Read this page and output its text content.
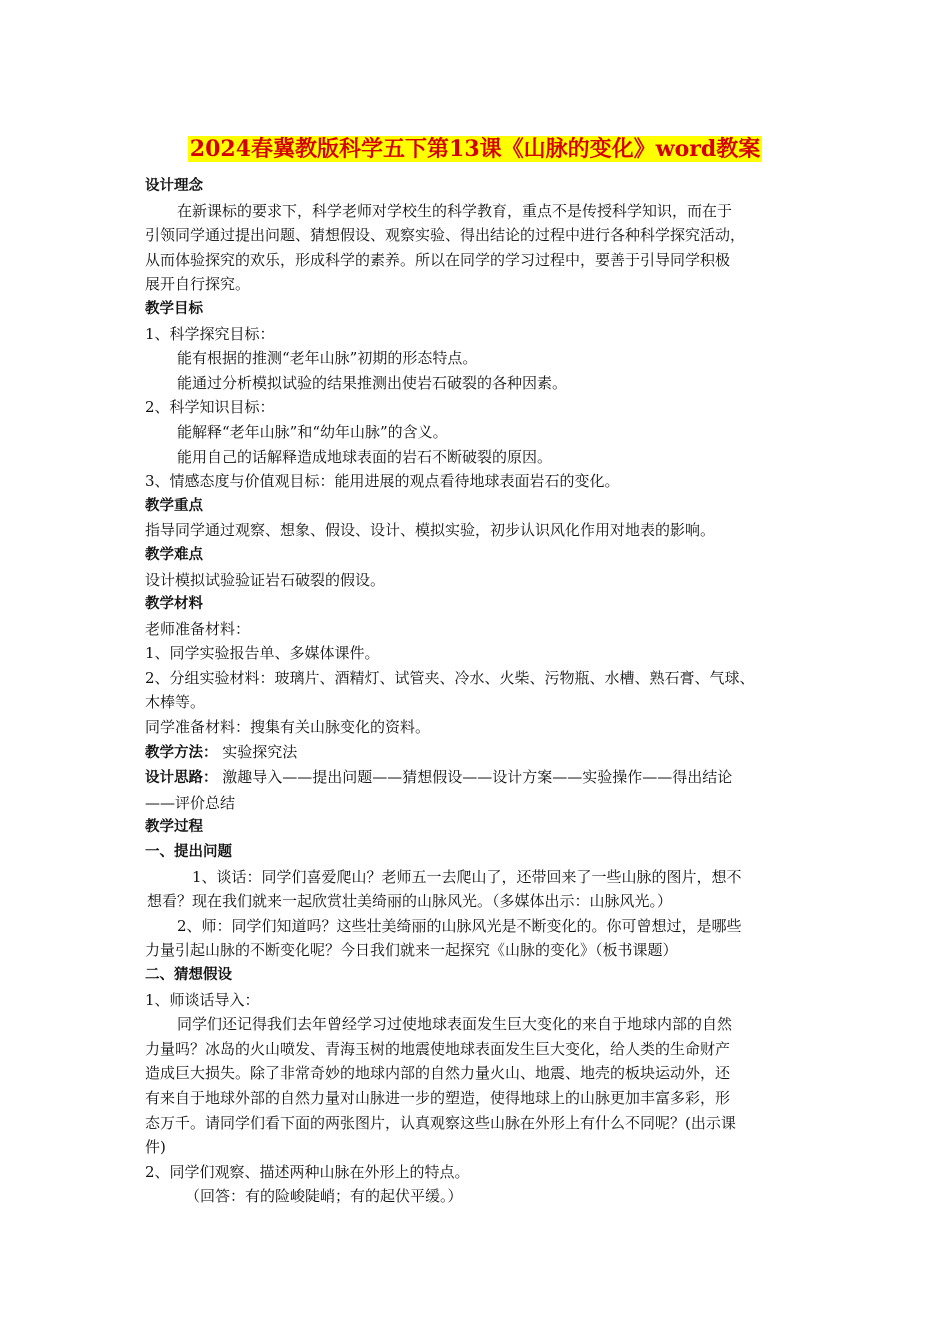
2024春冀教版科学五下第13课《山脉的变化》word教案

设计理念

在新课标的要求下，科学老师对学校生的科学教育，重点不是传授科学知识，而在于

引领同学通过提出问题、猜想假设、观察实验、得出结论的过程中进行各种科学探究活动，

从而体验探究的欢乐，形成科学的素养。所以在同学的学习过程中，要善于引导同学积极

展开自行探究。

教学目标

1、科学探究目标：

能有根据的推测“老年山脉”初期的形态特点。

能通过分析模拟试验的结果推测出使岩石破裂的各种因素。

2、科学知识目标：

能解释“老年山脉”和“幼年山脉”的含义。

能用自己的话解释造成地球表面的岩石不断破裂的原因。

3、情感态度与价值观目标：能用进展的观点看待地球表面岩石的变化。

教学重点

指导同学通过观察、想象、假设、设计、模拟实验，初步认识风化作用对地表的影响。

教学难点

设计模拟试验验证岩石破裂的假设。

教学材料

老师准备材料：

1、同学实验报告单、多媒体课件。

2、分组实验材料：玻璃片、酒精灯、试管夹、冷水、火柴、污物瓶、水槽、熟石膏、气球、

木棒等。

同学准备材料：搜集有关山脉变化的资料。

教学方法： 实验探究法

设计思路： 激趣导入——提出问题——猜想假设——设计方案——实验操作——得出结论

——评价总结

教学过程

一、提出问题

1、谈话：同学们喜爱爬山？老师五一去爬山了，还带回来了一些山脉的图片，想不

想看？现在我们就来一起欣赏壮美绮丽的山脉风光。（多媒体出示：山脉风光。）

2、师：同学们知道吗？这些壮美绮丽的山脉风光是不断变化的。你可曾想过，是哪些

力量引起山脉的不断变化呢？今日我们就来一起探究《山脉的变化》（板书课题）

二、猜想假设

1、师谈话导入：

同学们还记得我们去年曾经学习过使地球表面发生巨大变化的来自于地球内部的自然

力量吗？冰岛的火山喷发、青海玉树的地震使地球表面发生巨大变化，给人类的生命财产

造成巨大损失。除了非常奇妙的地球内部的自然力量火山、地震、地壳的板块运动外，还

有来自于地球外部的自然力量对山脉进一步的塑造，使得地球上的山脉更加丰富多彩，形

态万千。请同学们看下面的两张图片，认真观察这些山脉在外形上有什么不同呢？(出示课

件)

2、同学们观察、描述两种山脉在外形上的特点。

（回答：有的险峻陡峭；有的起伏平缓。）
